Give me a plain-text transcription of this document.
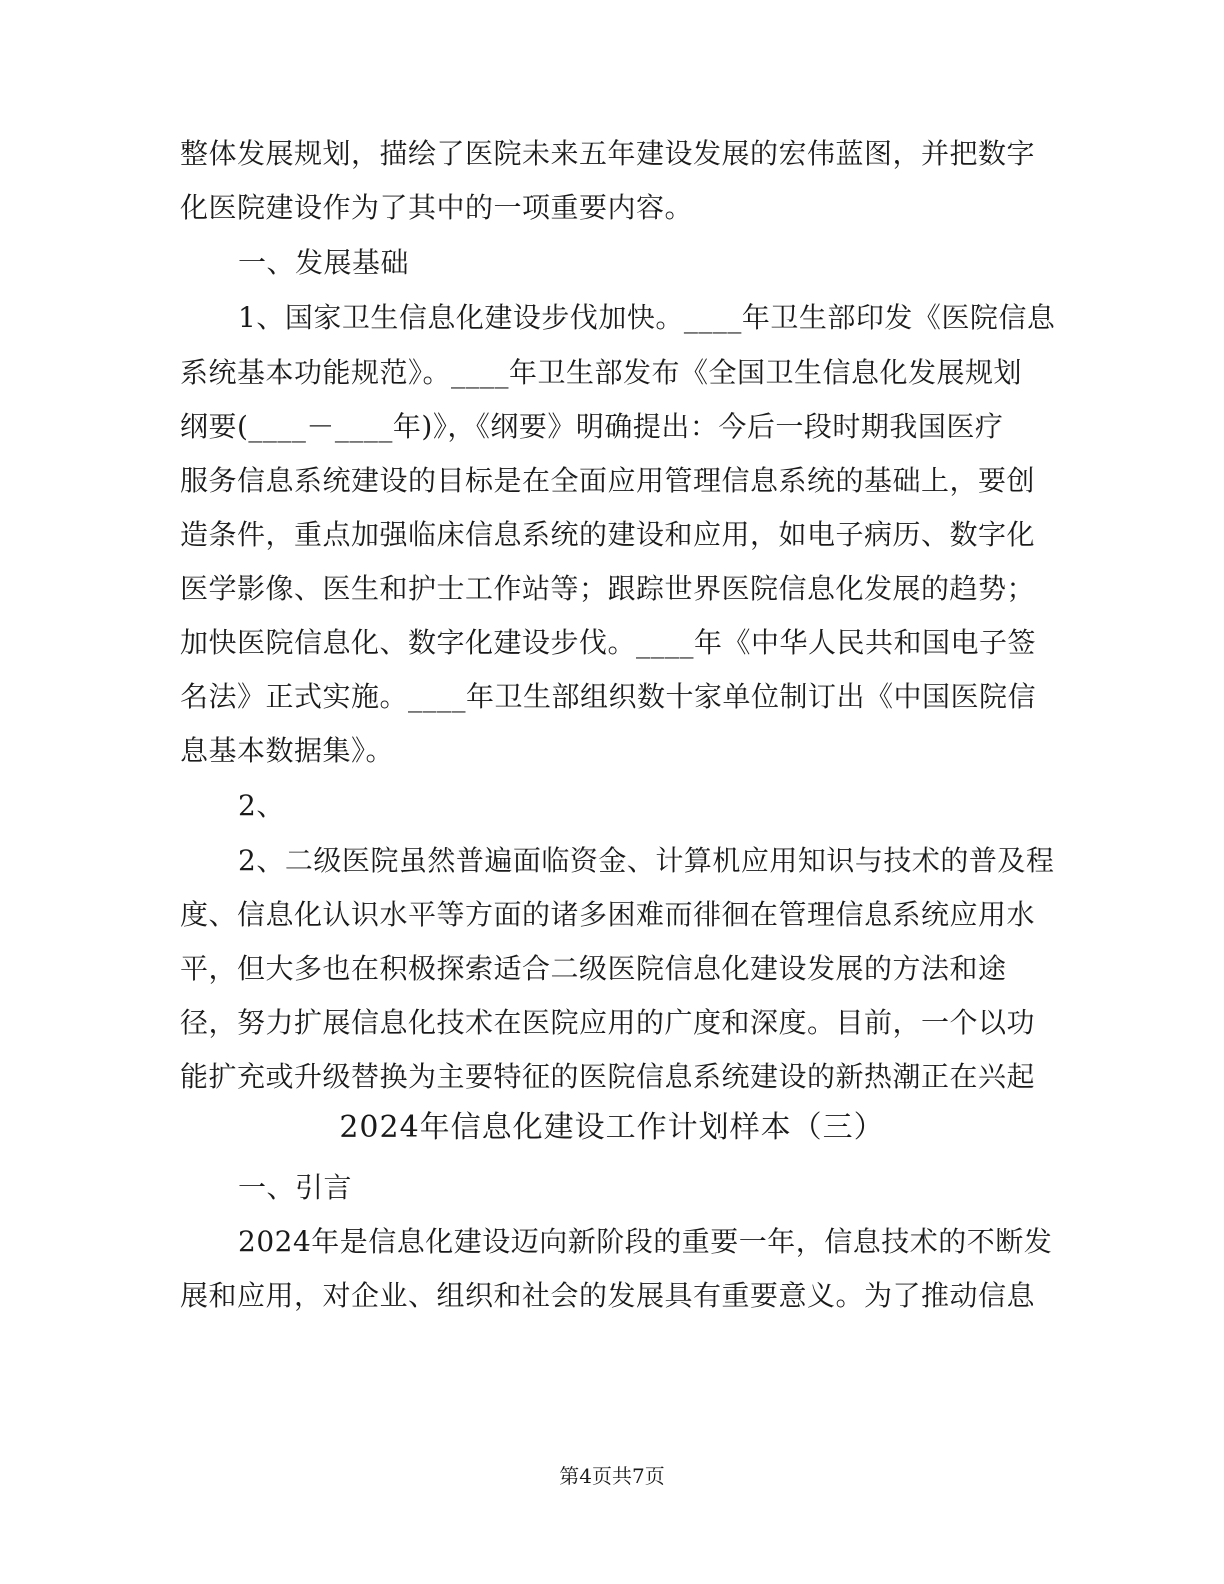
整体发展规划，描绘了医院未来五年建设发展的宏伟蓝图，并把数字
化医院建设作为了其中的一项重要内容。
一、发展基础
1、国家卫生信息化建设步伐加快。____年卫生部印发《医院信息
系统基本功能规范》。____年卫生部发布《全国卫生信息化发展规划
纲要(____－____年)》，《纲要》明确提出：今后一段时期我国医疗
服务信息系统建设的目标是在全面应用管理信息系统的基础上，要创
造条件，重点加强临床信息系统的建设和应用，如电子病历、数字化
医学影像、医生和护士工作站等；跟踪世界医院信息化发展的趋势；
加快医院信息化、数字化建设步伐。____年《中华人民共和国电子签
名法》正式实施。____年卫生部组织数十家单位制订出《中国医院信
息基本数据集》。
2、
2、二级医院虽然普遍面临资金、计算机应用知识与技术的普及程
度、信息化认识水平等方面的诸多困难而徘徊在管理信息系统应用水
平，但大多也在积极探索适合二级医院信息化建设发展的方法和途
径，努力扩展信息化技术在医院应用的广度和深度。目前，一个以功
能扩充或升级替换为主要特征的医院信息系统建设的新热潮正在兴起
2024年信息化建设工作计划样本（三）
一、引言
2024年是信息化建设迈向新阶段的重要一年，信息技术的不断发
展和应用，对企业、组织和社会的发展具有重要意义。为了推动信息
第4页共7页
